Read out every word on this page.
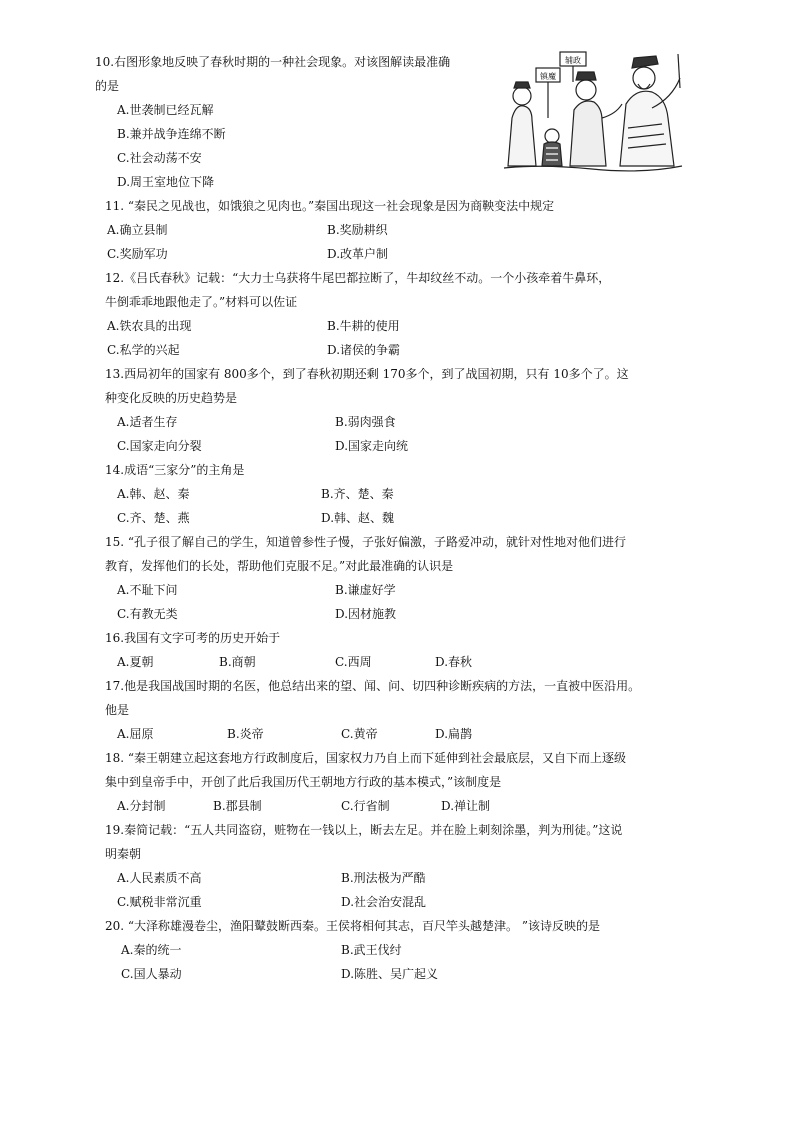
10.右图形象地反映了春秋时期的一种社会现象。对该图解读最准确
的是
A.世袭制已经瓦解
B.兼并战争连绵不断
C.社会动荡不安
D.周王室地位下降
镇魔
辅政
11. “秦民之见战也，如饿狼之见肉也。”秦国出现这一社会现象是因为商鞅变法中规定
A.确立县制	B.奖励耕织
C.奖励军功	D.改革户制
12.《吕氏春秋》记载：“大力士乌获将牛尾巴都拉断了，牛却纹丝不动。一个小孩牵着牛鼻环，
牛倒乖乖地跟他走了。”材料可以佐证
A.铁农具的出现	B.牛耕的使用
C.私学的兴起	D.诸侯的争霸
13.西局初年的国家有 800多个，到了春秋初期还剩 170多个，到了战国初期，只有 10多个了。这
种变化反映的历史趋势是
A.适者生存	B.弱肉强食
C.国家走向分裂	D.国家走向统
14.成语“三家分”的主角是
A.韩、赵、秦	B.齐、楚、秦
C.齐、楚、燕	D.韩、赵、魏
15. “孔子很了解自己的学生，知道曾参性子慢，子张好偏激，子路爱冲动，就针对性地对他们进行
教育，发挥他们的长处，帮助他们克服不足。”对此最准确的认识是
A.不耻下问	B.谦虚好学
C.有教无类	D.因材施教
16.我国有文字可考的历史开始于
A.夏朝	B.商朝	C.西周	D.春秋
17.他是我国战国时期的名医，他总结出来的望、闻、问、切四种诊断疾病的方法，一直被中医沿用。
他是
A.屈原	B.炎帝	C.黄帝	D.扁鹊
18. “秦王朝建立起这套地方行政制度后，国家权力乃自上而下延伸到社会最底层，又自下而上逐级
集中到皇帝手中，开创了此后我国历代王朝地方行政的基本模式，”该制度是
A.分封制	B.郡县制	C.行省制	D.禅让制
19.秦简记载：“五人共同盗窃，赃物在一钱以上，断去左足。并在脸上刺刻涂墨，判为刑徒。”这说
明秦朝
A.人民素质不高	B.刑法极为严酷
C.赋税非常沉重	D.社会治安混乱
20. “大泽称雄漫卷尘，渔阳鼙鼓断西秦。王侯将相何其志，百尺竿头越楚津。 ”该诗反映的是
A.秦的统一	B.武王伐纣
C.国人暴动	D.陈胜、吴广起义
